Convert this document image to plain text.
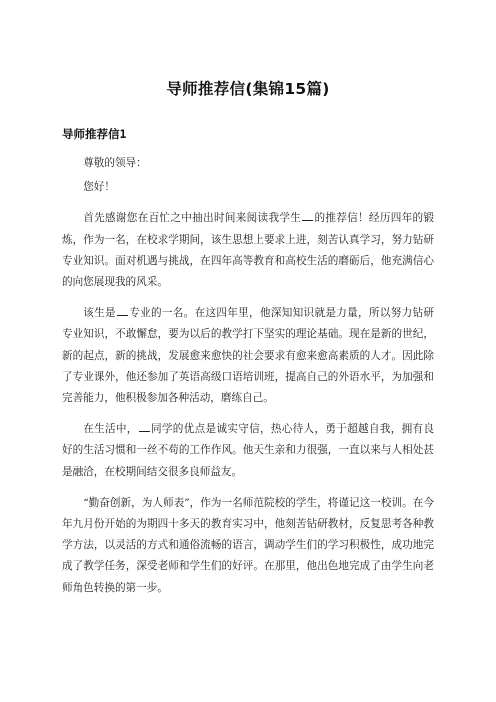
导师推荐信(集锦15篇)
导师推荐信1

尊敬的领导：

您好！

首先感谢您在百忙之中抽出时间来阅读我学生 的推荐信！经历四年的锻炼，作为一名，在校求学期间，该生思想上要求上进，刻苦认真学习，努力钻研专业知识。面对机遇与挑战，在四年高等教育和高校生活的磨砺后，他充满信心的向您展现我的风采。

该生是 专业的一名。在这四年里，他深知知识就是力量，所以努力钻研专业知识，不敢懈怠，要为以后的教学打下坚实的理论基础。现在是新的世纪，新的起点，新的挑战，发展愈来愈快的社会要求有愈来愈高素质的人才。因此除了专业课外，他还参加了英语高级口语培训班，提高自己的外语水平，为加强和完善能力，他积极参加各种活动，磨练自己。

在生活中， 同学的优点是诚实守信，热心待人，勇于超越自我，拥有良好的生活习惯和一丝不苟的工作作风。他天生亲和力很强，一直以来与人相处甚是融洽，在校期间结交很多良师益友。

“勤奋创新，为人师表”，作为一名师范院校的学生，将谨记这一校训。在今年九月份开始的为期四十多天的教育实习中，他刻苦钻研教材，反复思考各种教学方法，以灵活的方式和通俗流畅的语言，调动学生们的学习积极性，成功地完成了教学任务，深受老师和学生们的好评。在那里，他出色地完成了由学生向老师角色转换的第一步。
